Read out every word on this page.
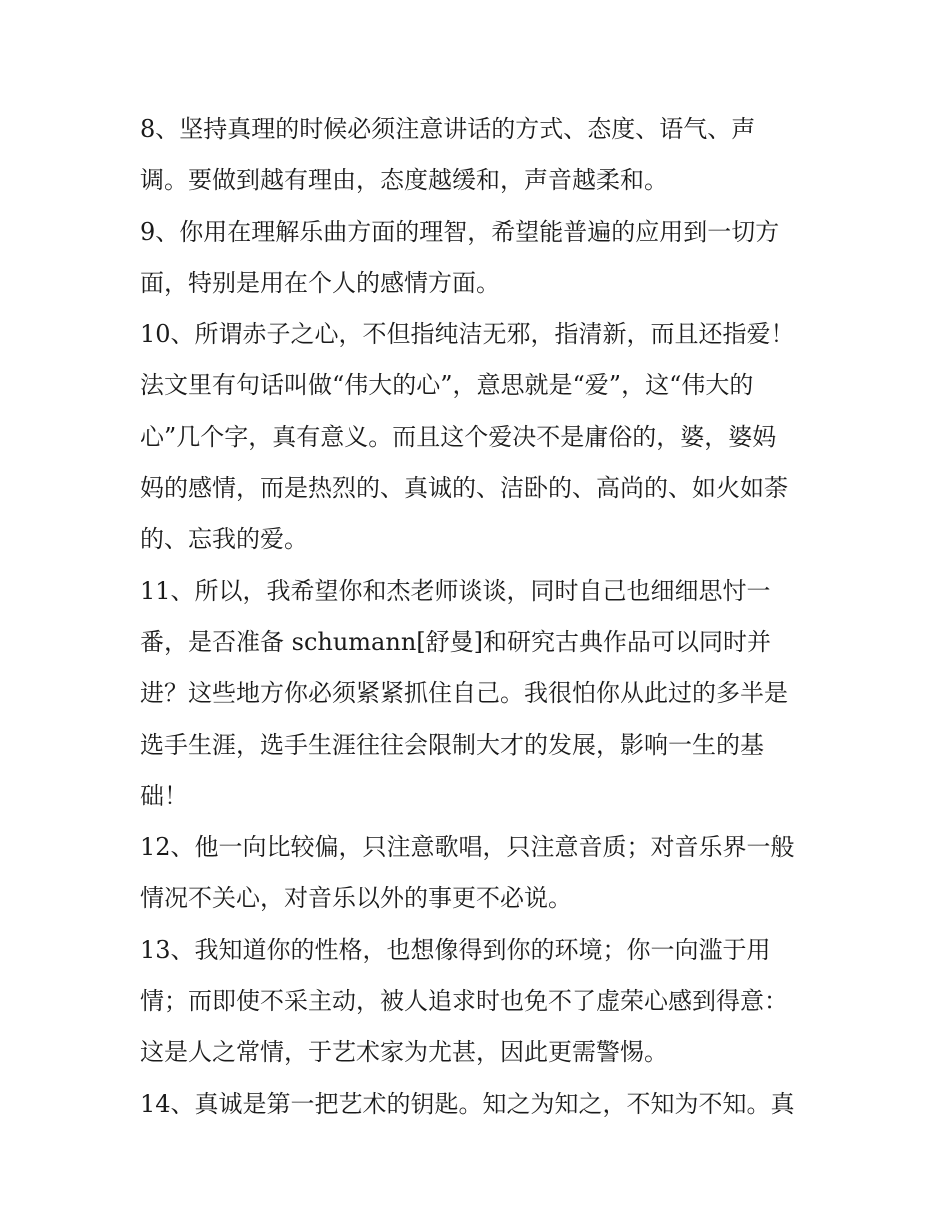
8、坚持真理的时候必须注意讲话的方式、态度、语气、声
调。要做到越有理由，态度越缓和，声音越柔和。
9、你用在理解乐曲方面的理智，希望能普遍的应用到一切方
面，特别是用在个人的感情方面。
10、所谓赤子之心，不但指纯洁无邪，指清新，而且还指爱！
法文里有句话叫做“伟大的心”，意思就是“爱”，这“伟大的
心”几个字，真有意义。而且这个爱决不是庸俗的，婆，婆妈
妈的感情，而是热烈的、真诚的、洁卧的、高尚的、如火如荼
的、忘我的爱。
11、所以，我希望你和杰老师谈谈，同时自己也细细思忖一
番，是否准备 schumann[舒曼]和研究古典作品可以同时并
进？这些地方你必须紧紧抓住自己。我很怕你从此过的多半是
选手生涯，选手生涯往往会限制大才的发展，影响一生的基
础！
12、他一向比较偏，只注意歌唱，只注意音质；对音乐界一般
情况不关心，对音乐以外的事更不必说。
13、我知道你的性格，也想像得到你的环境；你一向滥于用
情；而即使不采主动，被人追求时也免不了虚荣心感到得意：
这是人之常情，于艺术家为尤甚，因此更需警惕。
14、真诚是第一把艺术的钥匙。知之为知之，不知为不知。真
